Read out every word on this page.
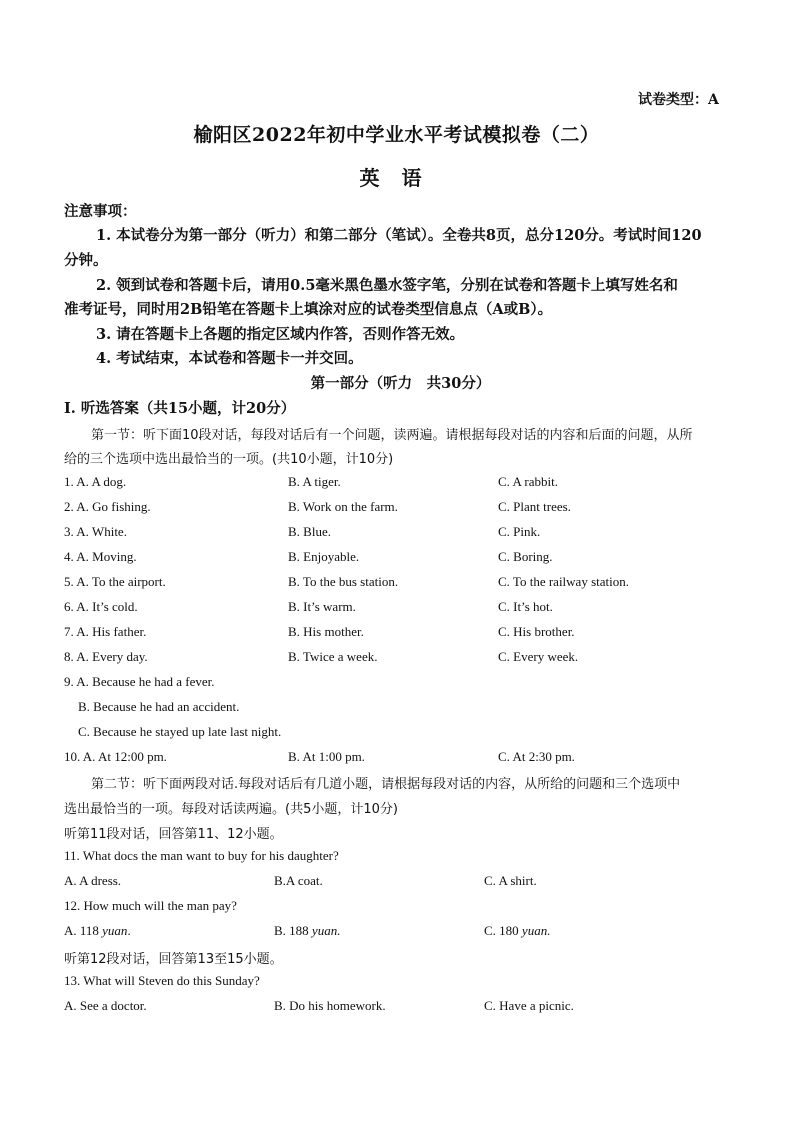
试卷类型：A
榆阳区2022年初中学业水平考试模拟卷（二）
英语
注意事项：
1. 本试卷分为第一部分（听力）和第二部分（笔试）。全卷共8页，总分120分。考试时间120
分钟。
2. 领到试卷和答题卡后，请用0.5毫米黑色墨水签字笔，分别在试卷和答题卡上填写姓名和
准考证号，同时用2B铅笔在答题卡上填涂对应的试卷类型信息点（A或B）。
3. 请在答题卡上各题的指定区域内作答，否则作答无效。
4. 考试结束，本试卷和答题卡一并交回。
第一部分（听力　共30分）
Ⅰ. 听选答案（共15小题，计20分）
第一节：听下面10段对话，每段对话后有一个问题，读两遍。请根据每段对话的内容和后面的问题，从所
给的三个选项中选出最恰当的一项。(共10小题，计10分)
1. A. A dog.	B. A tiger.	C. A rabbit.
2. A. Go fishing.	B. Work on the farm.	C. Plant trees.
3. A. White.	B. Blue.	C. Pink.
4. A. Moving.	B. Enjoyable.	C. Boring.
5. A. To the airport.	B. To the bus station.	C. To the railway station.
6. A. It’s cold.	B. It’s warm.	C. It’s hot.
7. A. His father.	B. His mother.	C. His brother.
8. A. Every day.	B. Twice a week.	C. Every week.
9. A. Because he had a fever.
B. Because he had an accident.
C. Because he stayed up late last night.
10. A. At 12:00 pm.	B. At 1:00 pm.	C. At 2:30 pm.
第二节：听下面两段对话.每段对话后有几道小题，请根据每段对话的内容，从所给的问题和三个选项中
选出最恰当的一项。每段对话读两遍。(共5小题，计10分)
听第11段对话，回答第11、12小题。
11. What docs the man want to buy for his daughter?
A. A dress.	B.A coat.	C. A shirt.
12. How much will the man pay?
A. 118 yuan.	B. 188 yuan.	C. 180 yuan.
听第12段对话，回答第13至15小题。
13. What will Steven do this Sunday?
A. See a doctor.	B. Do his homework.	C. Have a picnic.
